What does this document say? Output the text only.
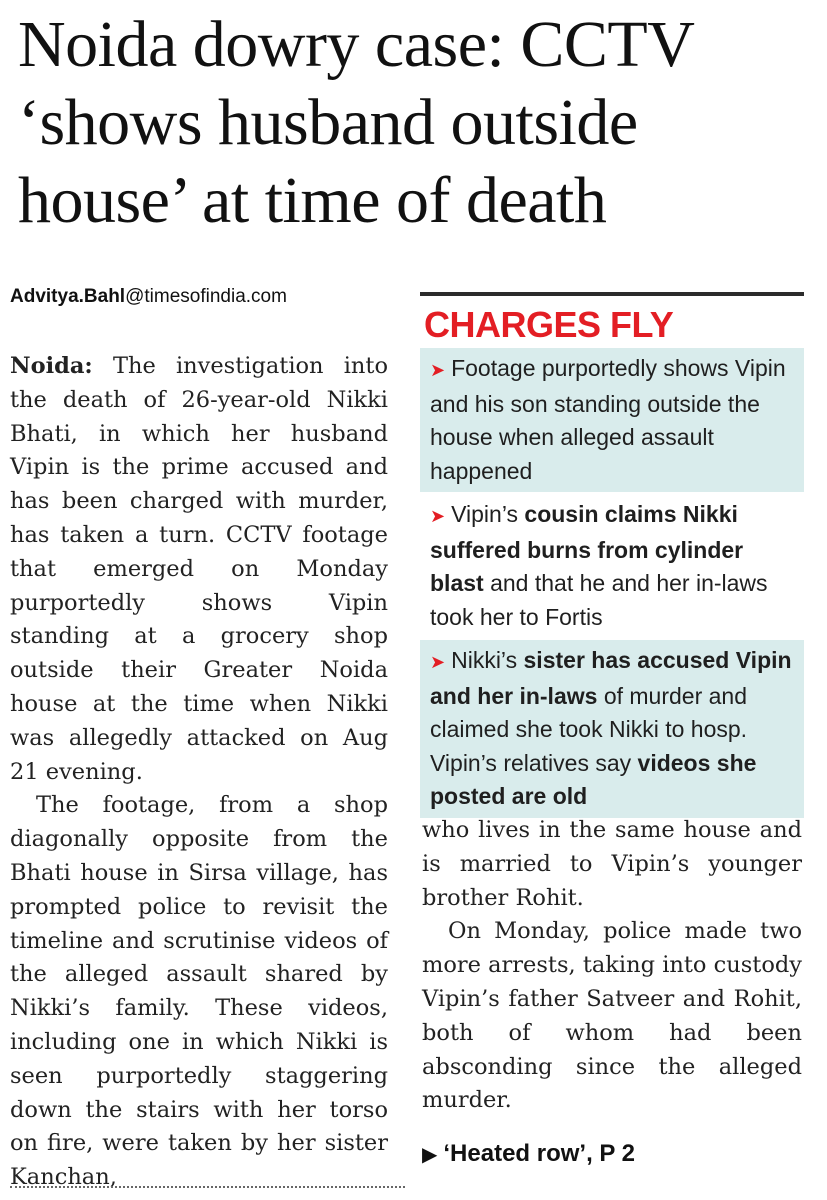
Noida dowry case: CCTV
‘shows husband outside
house’ at time of death
Advitya.Bahl@timesofindia.com

Noida: The investigation into the death of 26-year-old Nikki Bhati, in which her husband Vipin is the prime accused and has been charged with murder, has taken a turn. CCTV footage that emerged on Monday purportedly shows Vipin standing at a grocery shop outside their Greater Noida house at the time when Nikki was allegedly attacked on Aug 21 evening.

The footage, from a shop diagonally opposite from the Bhati house in Sirsa village, has prompted police to revisit the timeline and scrutinise videos of the alleged assault shared by Nikki’s family. These videos, including one in which Nikki is seen purportedly staggering down the stairs with her torso on fire, were taken by her sister Kanchan,

CHARGES FLY
➤ Footage purportedly shows Vipin and his son standing outside the house when alleged assault happened
➤ Vipin’s cousin claims Nikki suffered burns from cylinder blast and that he and her in-laws took her to Fortis
➤ Nikki’s sister has accused Vipin and her in-laws of murder and claimed she took Nikki to hosp. Vipin’s relatives say videos she posted are old

who lives in the same house and is married to Vipin’s younger brother Rohit.

On Monday, police made two more arrests, taking into custody Vipin’s father Satveer and Rohit, both of whom had been absconding since the alleged murder.

▶ ‘Heated row’, P 2
